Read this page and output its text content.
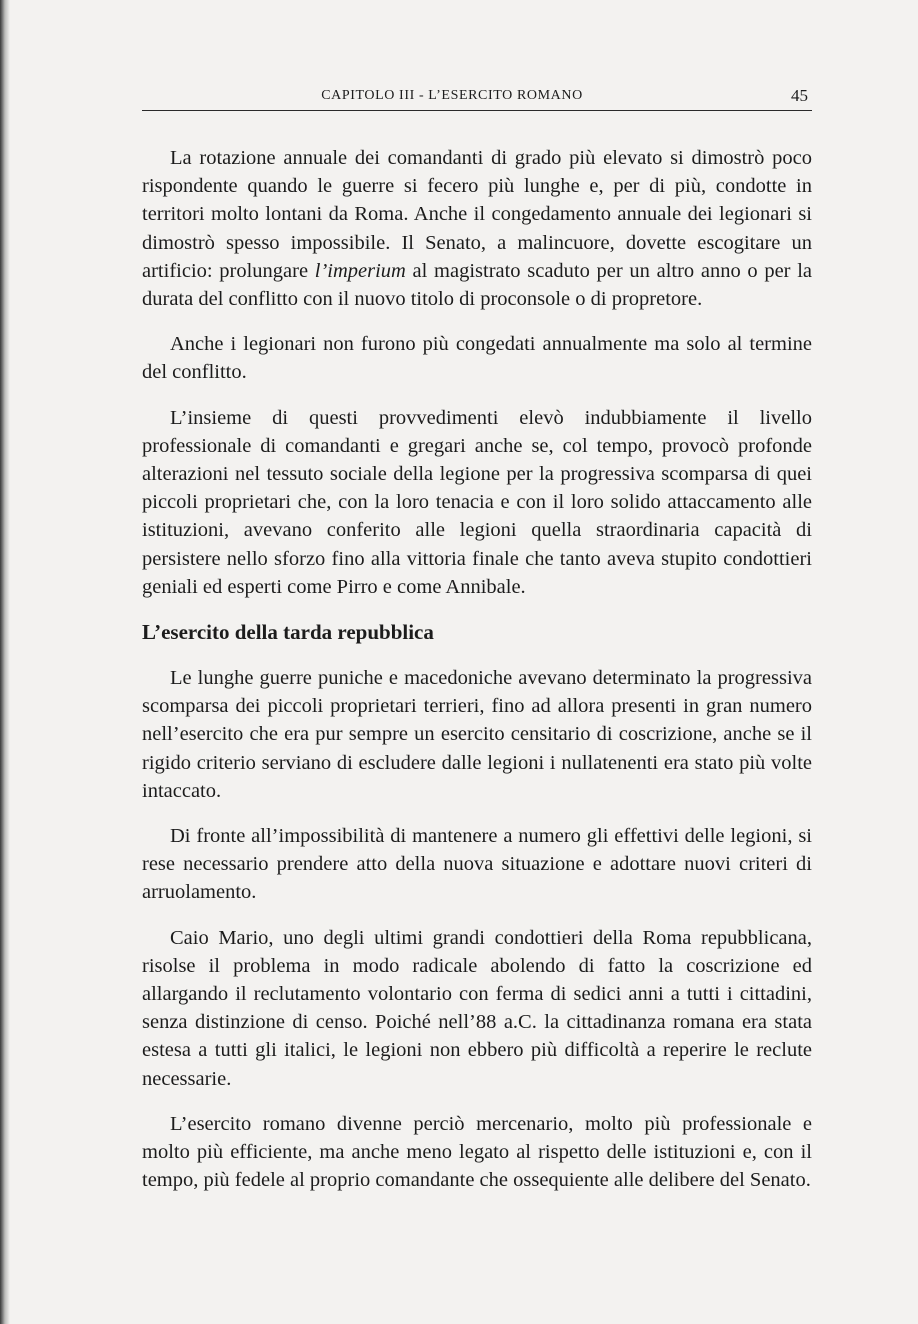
CAPITOLO III - L’ESERCITO ROMANO	45

La rotazione annuale dei comandanti di grado più elevato si dimostrò poco rispondente quando le guerre si fecero più lunghe e, per di più, condotte in territori molto lontani da Roma. Anche il congedamento annuale dei legionari si dimostrò spesso impossibile. Il Senato, a malincuore, dovette escogitare un artificio: prolungare l’imperium al magistrato scaduto per un altro anno o per la durata del conflitto con il nuovo titolo di proconsole o di propretore.

Anche i legionari non furono più congedati annualmente ma solo al termine del conflitto.

L’insieme di questi provvedimenti elevò indubbiamente il livello professionale di comandanti e gregari anche se, col tempo, provocò profonde alterazioni nel tessuto sociale della legione per la progressiva scomparsa di quei piccoli proprietari che, con la loro tenacia e con il loro solido attaccamento alle istituzioni, avevano conferito alle legioni quella straordinaria capacità di persistere nello sforzo fino alla vittoria finale che tanto aveva stupito condottieri geniali ed esperti come Pirro e come Annibale.

L’esercito della tarda repubblica

Le lunghe guerre puniche e macedoniche avevano determinato la progressiva scomparsa dei piccoli proprietari terrieri, fino ad allora presenti in gran numero nell’esercito che era pur sempre un esercito censitario di coscrizione, anche se il rigido criterio serviano di escludere dalle legioni i nullatenenti era stato più volte intaccato.

Di fronte all’impossibilità di mantenere a numero gli effettivi delle legioni, si rese necessario prendere atto della nuova situazione e adottare nuovi criteri di arruolamento.

Caio Mario, uno degli ultimi grandi condottieri della Roma repubblicana, risolse il problema in modo radicale abolendo di fatto la coscrizione ed allargando il reclutamento volontario con ferma di sedici anni a tutti i cittadini, senza distinzione di censo. Poiché nell’88 a.C. la cittadinanza romana era stata estesa a tutti gli italici, le legioni non ebbero più difficoltà a reperire le reclute necessarie.

L’esercito romano divenne perciò mercenario, molto più professionale e molto più efficiente, ma anche meno legato al rispetto delle istituzioni e, con il tempo, più fedele al proprio comandante che ossequiente alle delibere del Senato.
